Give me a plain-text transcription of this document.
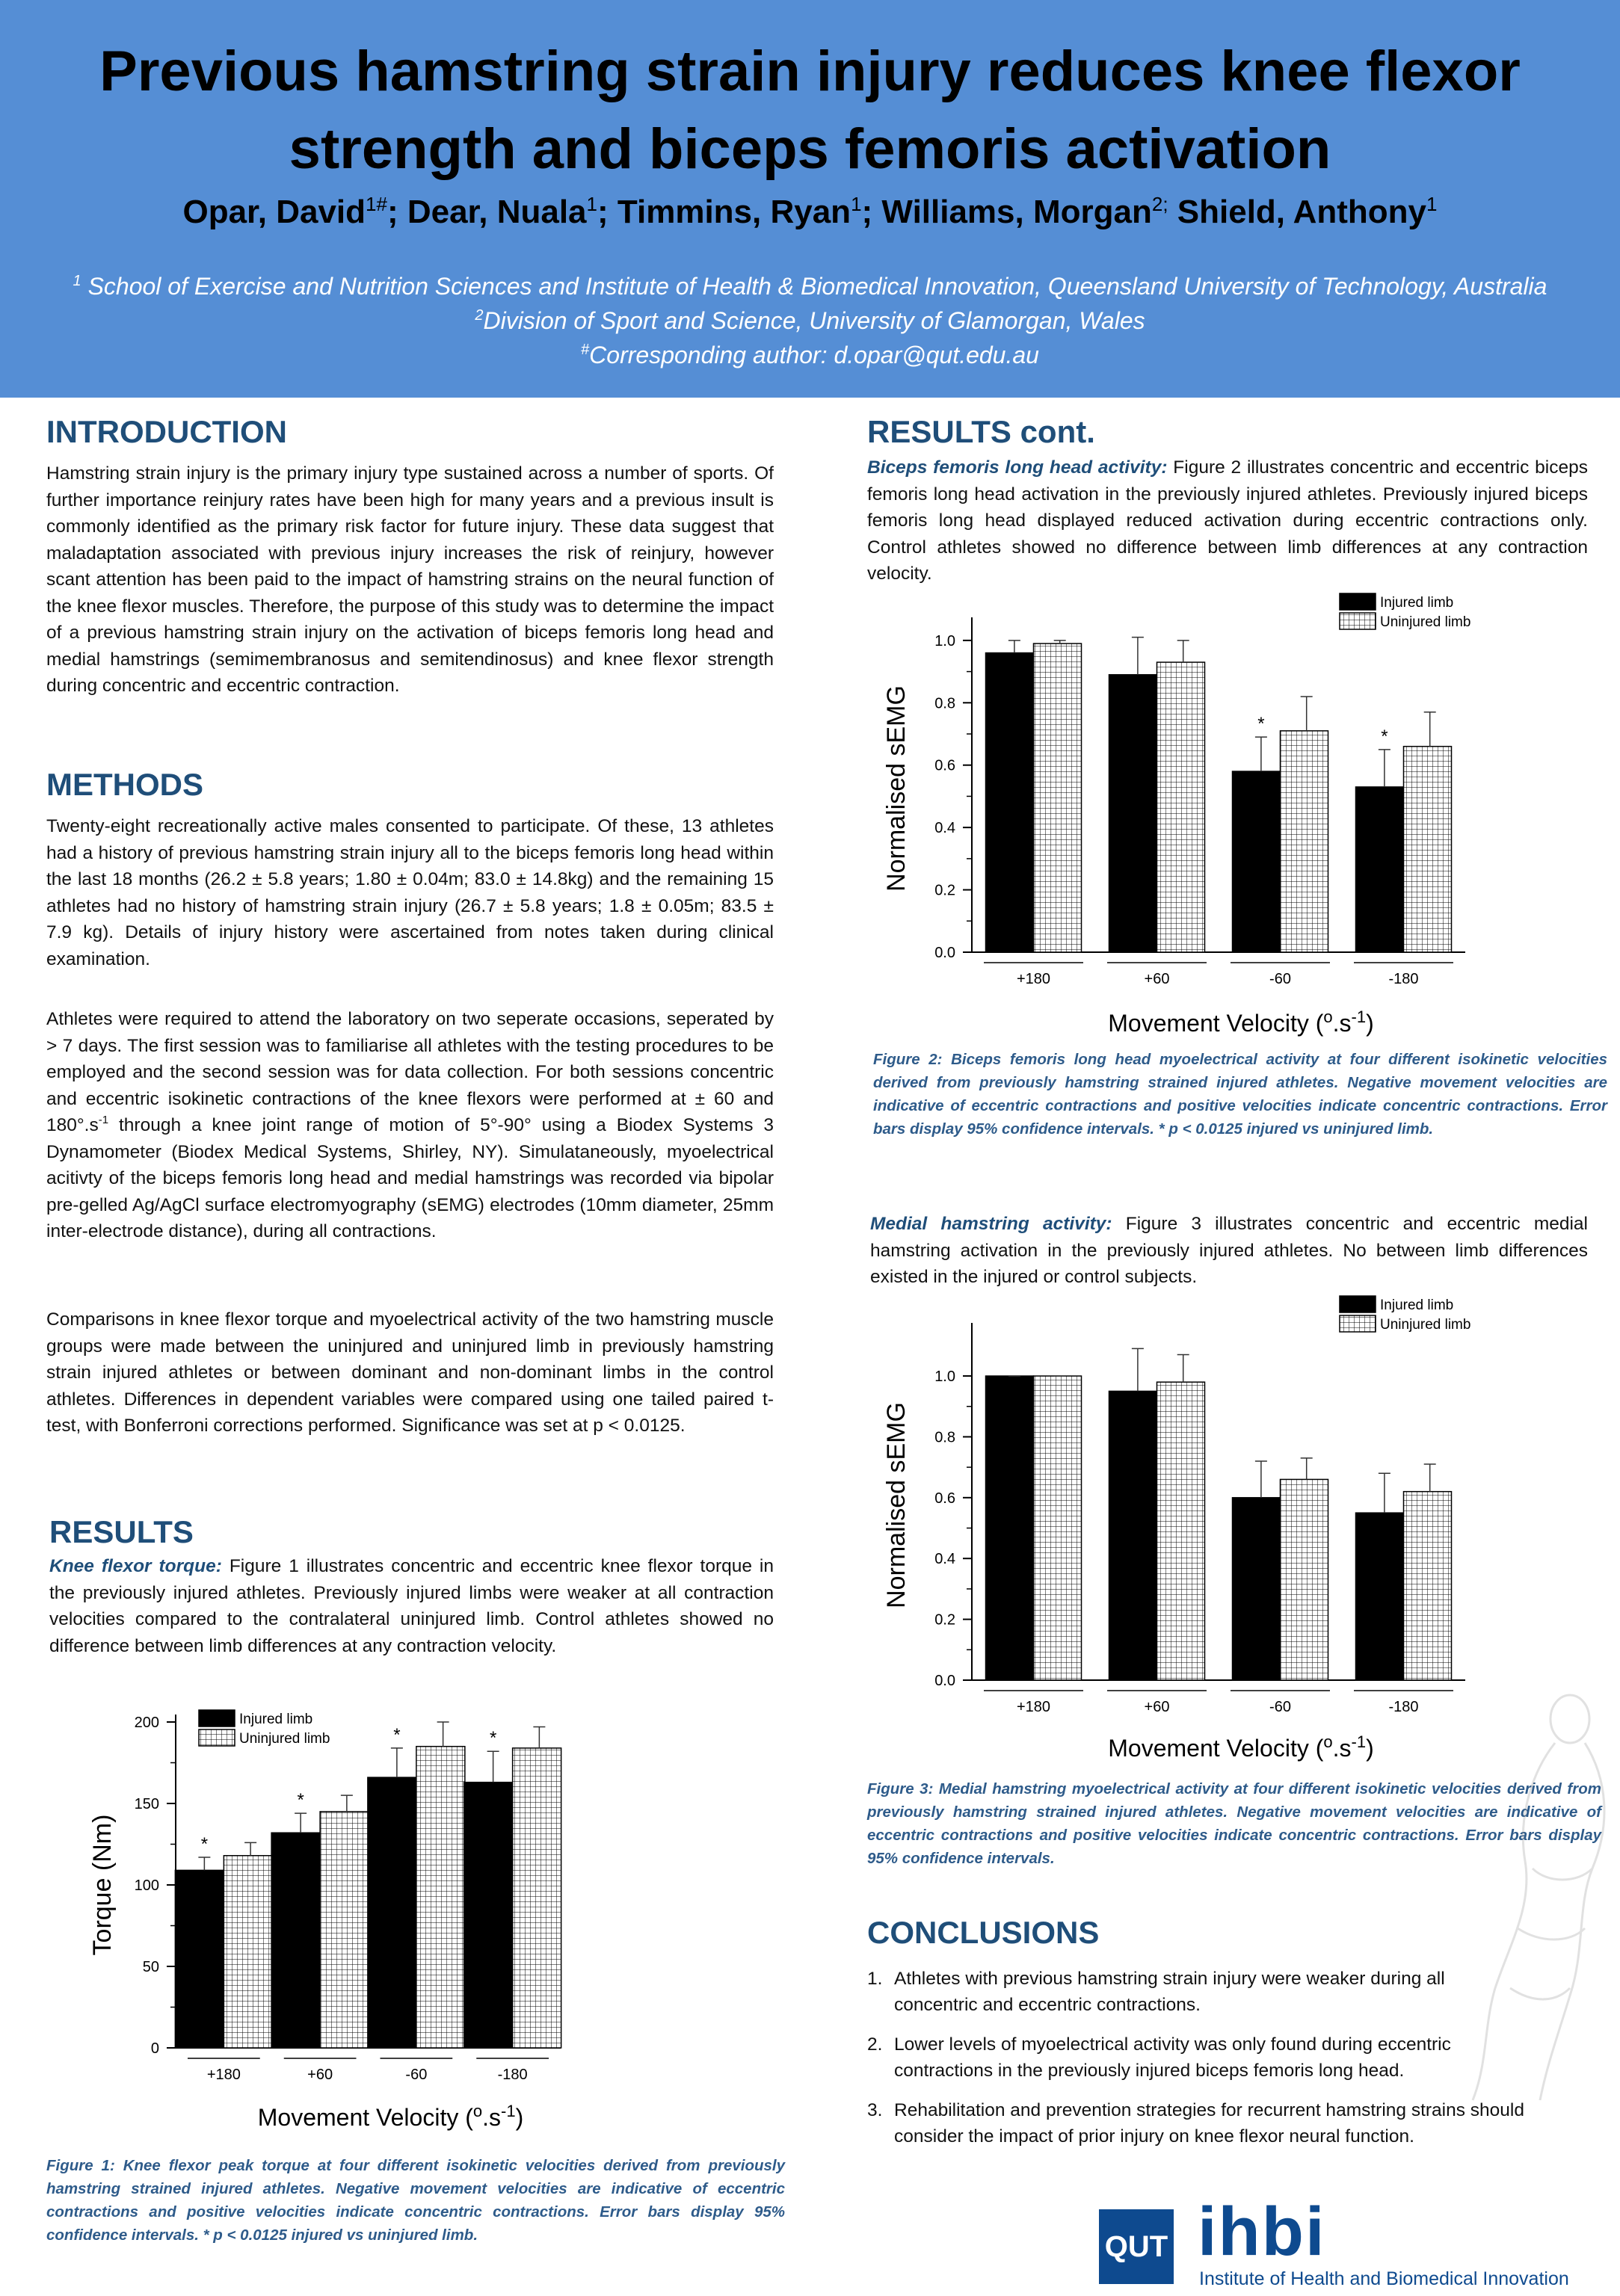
Previous hamstring strain injury reduces knee flexor strength and biceps femoris activation
Opar, David$^{1\#}$; Dear, Nuala$^1$; Timmins, Ryan$^1$; Williams, Morgan$^{2;}$ Shield, Anthony$^1$
$^1$ School of Exercise and Nutrition Sciences and Institute of Health & Biomedical Innovation, Queensland University of Technology, Australia
$^2$Division of Sport and Science, University of Glamorgan, Wales
#Corresponding author: d.opar@qut.edu.au
INTRODUCTION

Hamstring strain injury is the primary injury type sustained across a number of sports. Of further importance reinjury rates have been high for many years and a previous insult is commonly identified as the primary risk factor for future injury. These data suggest that maladaptation associated with previous injury increases the risk of reinjury, however scant attention has been paid to the impact of hamstring strains on the neural function of the knee flexor muscles. Therefore, the purpose of this study was to determine the impact of a previous hamstring strain injury on the activation of biceps femoris long head and medial hamstrings (semimembranosus and semitendinosus) and knee flexor strength during concentric and eccentric contraction.

METHODS

Twenty-eight recreationally active males consented to participate. Of these, 13 athletes had a history of previous hamstring strain injury all to the biceps femoris long head within the last 18 months (26.2 ± 5.8 years; 1.80 ± 0.04m; 83.0 ± 14.8kg) and the remaining 15 athletes had no history of hamstring strain injury (26.7 ± 5.8 years; 1.8 ± 0.05m; 83.5 ± 7.9 kg). Details of injury history were ascertained from notes taken during clinical examination.

Athletes were required to attend the laboratory on two seperate occasions, seperated by > 7 days. The first session was to familiarise all athletes with the testing procedures to be employed and the second session was for data collection. For both sessions concentric and eccentric isokinetic contractions of the knee flexors were performed at ± 60 and $180^\circ.s^{-1}$ through a knee joint range of motion of 5°-90° using a Biodex Systems 3 Dynamometer (Biodex Medical Systems, Shirley, NY). Simulataneously, myoelectrical acitivty of the biceps femoris long head and medial hamstrings was recorded via bipolar pre-gelled Ag/AgCl surface electromyography (sEMG) electrodes (10mm diameter, 25mm inter-electrode distance), during all contractions.

Comparisons in knee flexor torque and myoelectrical activity of the two hamstring muscle groups were made between the uninjured and uninjured limb in previously hamstring strain injured athletes or between dominant and non-dominant limbs in the control athletes. Differences in dependent variables were compared using one tailed paired t-test, with Bonferroni corrections performed. Significance was set at p < 0.0125.

RESULTS

Knee flexor torque: Figure 1 illustrates concentric and eccentric knee flexor torque in the previously injured athletes. Previously injured limbs were weaker at all contraction velocities compared to the contralateral uninjured limb. Control athletes showed no difference between limb differences at any contraction velocity.

0
50
100
150
200
*
+180
*
+60
*
-60
*
-180
Movement Velocity $(^o.s^{-1})$
Torque (Nm)
Injured limb
Uninjured limb

Figure 1: Knee flexor peak torque at four different isokinetic velocities derived from previously hamstring strained injured athletes. Negative movement velocities are indicative of eccentric contractions and positive velocities indicate concentric contractions. Error bars display 95% confidence intervals. * p < 0.0125 injured vs uninjured limb.

RESULTS cont.

Biceps femoris long head activity: Figure 2 illustrates concentric and eccentric biceps femoris long head activation in the previously injured athletes. Previously injured biceps femoris long head displayed reduced activation during eccentric contractions only. Control athletes showed no difference between limb differences at any contraction velocity.

0.0
0.2
0.4
0.6
0.8
1.0
+180	+60
*
-60
*
-180
Movement Velocity $(^o.s^{-1})$
Normalised sEMG
Injured limb
Uninjured limb

Figure 2: Biceps femoris long head myoelectrical activity at four different isokinetic velocities derived from previously hamstring strained injured athletes. Negative movement velocities are indicative of eccentric contractions and positive velocities indicate concentric contractions. Error bars display 95% confidence intervals. * p < 0.0125 injured vs uninjured limb.

Medial hamstring activity: Figure 3 illustrates concentric and eccentric medial hamstring activation in the previously injured athletes. No between limb differences existed in the injured or control subjects.

0.0
0.2
0.4
0.6
0.8
1.0
+180	+60	-60	-180
Movement Velocity $(^o.s^{-1})$
Normalised sEMG
Injured limb
Uninjured limb

Figure 3: Medial hamstring myoelectrical activity at four different isokinetic velocities derived from previously hamstring strained injured athletes. Negative movement velocities are indicative of eccentric contractions and positive velocities indicate concentric contractions. Error bars display 95% confidence intervals.

CONCLUSIONS
1. Athletes with previous hamstring strain injury were weaker during all concentric and eccentric contractions.
2. Lower levels of myoelectrical activity was only found during eccentric contractions in the previously injured biceps femoris long head.
3. Rehabilitation and prevention strategies for recurrent hamstring strains should consider the impact of prior injury on knee flexor neural function.
QUT ihbi
Institute of Health and Biomedical Innovation
